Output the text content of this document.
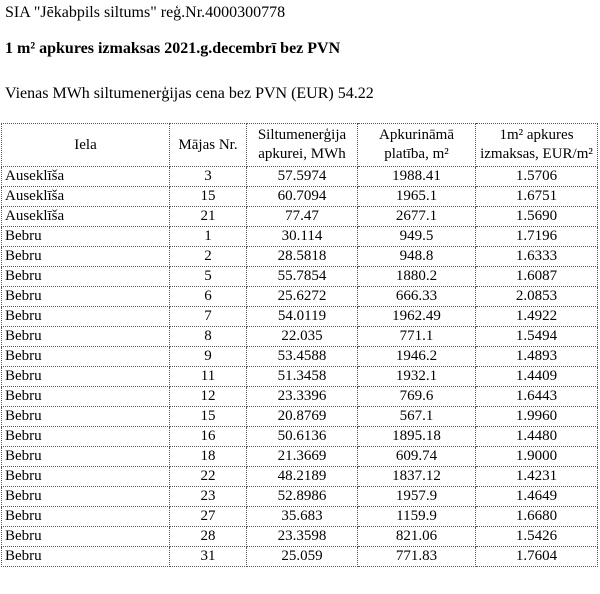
SIA "Jēkabpils siltums" reģ.Nr.4000300778
1 m² apkures izmaksas 2021.g.decembrī bez PVN
Vienas MWh siltumenerģijas cena bez PVN (EUR) 54.22
Iela	Mājas Nr.	Siltumenerģija apkurei, MWh	Apkurināmā platība, m²	1m² apkures izmaksas, EUR/m²
Auseklīša	3	57.5974	1988.41	1.5706
Auseklīša	15	60.7094	1965.1	1.6751
Auseklīša	21	77.47	2677.1	1.5690
Bebru	1	30.114	949.5	1.7196
Bebru	2	28.5818	948.8	1.6333
Bebru	5	55.7854	1880.2	1.6087
Bebru	6	25.6272	666.33	2.0853
Bebru	7	54.0119	1962.49	1.4922
Bebru	8	22.035	771.1	1.5494
Bebru	9	53.4588	1946.2	1.4893
Bebru	11	51.3458	1932.1	1.4409
Bebru	12	23.3396	769.6	1.6443
Bebru	15	20.8769	567.1	1.9960
Bebru	16	50.6136	1895.18	1.4480
Bebru	18	21.3669	609.74	1.9000
Bebru	22	48.2189	1837.12	1.4231
Bebru	23	52.8986	1957.9	1.4649
Bebru	27	35.683	1159.9	1.6680
Bebru	28	23.3598	821.06	1.5426
Bebru	31	25.059	771.83	1.7604
